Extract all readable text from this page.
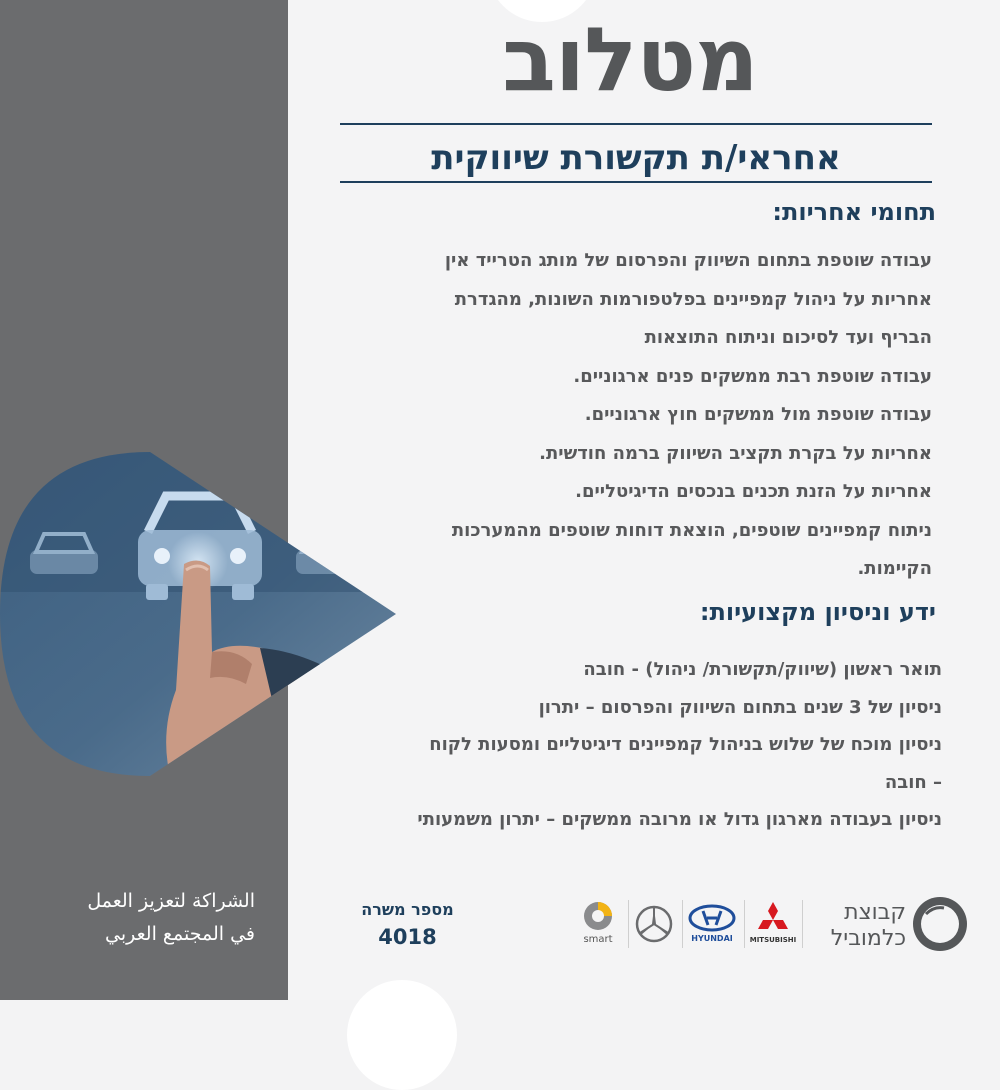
מטלוב
אחראי/ת תקשורת שיווקית
תחומי אחריות:
עבודה שוטפת בתחום השיווק והפרסום של מותג הטרייד אין
אחריות על ניהול קמפיינים בפלטפורמות השונות, מהגדרת
הבריף ועד לסיכום וניתוח התוצאות
עבודה שוטפת רבת ממשקים פנים ארגוניים.
עבודה שוטפת מול ממשקים חוץ ארגוניים.
אחריות על בקרת תקציב השיווק ברמה חודשית.
אחריות על הזנת תכנים בנכסים הדיגיטליים.
ניתוח קמפיינים שוטפים, הוצאת דוחות שוטפים מהמערכות
הקיימות.
ידע וניסיון מקצועיות:
תואר ראשון (שיווק/תקשורת/ ניהול) - חובה
ניסיון של 3 שנים בתחום השיווק והפרסום – יתרון
ניסיון מוכח של שלוש בניהול קמפיינים דיגיטליים ומסעות לקוח
– חובה
ניסיון בעבודה מארגון גדול או מרובה ממשקים – יתרון משמעותי
الشراكة لتعزيز العمل
في المجتمع العربي
מספר משרה
4018	smart	HYUNDAI	MITSUBISHI
קבוצת
כלמוביל
